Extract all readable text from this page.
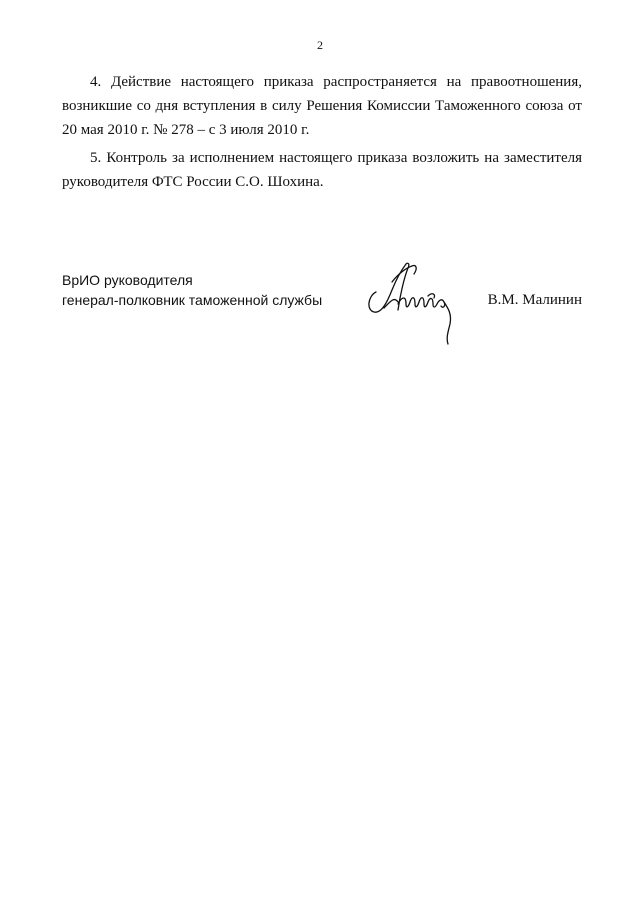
2
4. Действие настоящего приказа распространяется на правоотношения,
возникшие со дня вступления в силу Решения Комиссии Таможенного союза от
20 мая 2010 г. № 278 – с 3 июля 2010 г.
5. Контроль за исполнением настоящего приказа возложить на заместителя
руководителя ФТС России С.О. Шохина.
ВрИО руководителя
генерал-полковник таможенной службы	В.М. Малинин
